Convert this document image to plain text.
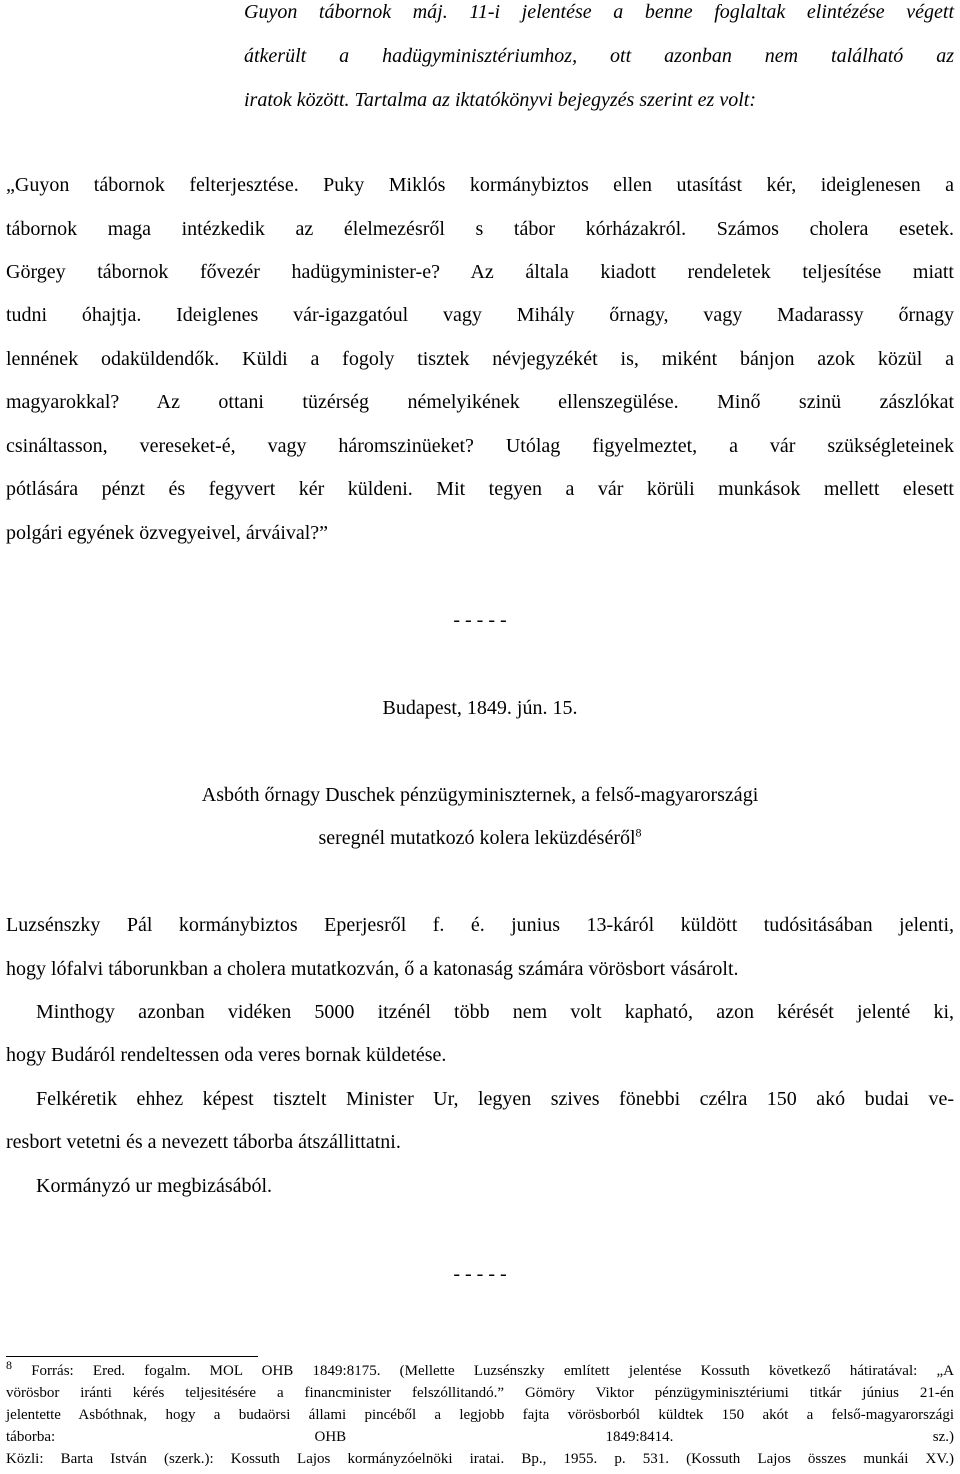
Guyon tábornok máj. 11-i jelentése a benne foglaltak elintézése végett
átkerült a hadügyminisztériumhoz, ott azonban nem található az
iratok között. Tartalma az iktatókönyvi bejegyzés szerint ez volt:
„Guyon tábornok felterjesztése. Puky Miklós kormánybiztos ellen utasítást kér, ideiglenesen a
tábornok maga intézkedik az élelmezésről s tábor kórházakról. Számos cholera esetek.
Görgey tábornok fővezér hadügyminister-e? Az általa kiadott rendeletek teljesítése miatt
tudni óhajtja. Ideiglenes vár-igazgatóul vagy Mihály őrnagy, vagy Madarassy őrnagy
lennének odaküldendők. Küldi a fogoly tisztek névjegyzékét is, miként bánjon azok közül a
magyarokkal? Az ottani tüzérség némelyikének ellenszegülése. Minő szinü zászlókat
csináltasson, vereseket-é, vagy háromszinüeket? Utólag figyelmeztet, a vár szükségleteinek
pótlására pénzt és fegyvert kér küldeni. Mit tegyen a vár körüli munkások mellett elesett
polgári egyének özvegyeivel, árváival?”
- - - - -
Budapest, 1849. jún. 15.
Asbóth őrnagy Duschek pénzügyminiszternek, a felső-magyarországi
seregnél mutatkozó kolera leküzdéséről$^8$
Luzsénszky Pál kormánybiztos Eperjesről f. é. junius 13-káról küldött tudósitásában jelenti,
hogy lófalvi táborunkban a cholera mutatkozván, ő a katonaság számára vörösbort vásárolt.
Minthogy azonban vidéken 5000 itzénél több nem volt kapható, azon kérését jelenté ki,
hogy Budáról rendeltessen oda veres bornak küldetése.
Felkéretik ehhez képest tisztelt Minister Ur, legyen szives fönebbi czélra 150 akó budai ve-
resbort vetetni és a nevezett táborba átszállittatni.
Kormányzó ur megbizásából.
- - - - -
$^8$ Forrás: Ered. fogalm. MOL OHB 1849:8175. (Mellette Luzsénszky említett jelentése Kossuth következő hátiratával: „A
vörösbor iránti kérés teljesitésére a financminister felszóllitandó.” Gömöry Viktor pénzügyminisztériumi titkár június 21-én
jelentette Asbóthnak, hogy a budaörsi állami pincéből a legjobb fajta vörösborból küldtek 150 akót a felső-magyarországi
táborba: OHB 1849:8414. sz.)
Közli: Barta István (szerk.): Kossuth Lajos kormányzóelnöki iratai. Bp., 1955. p. 531. (Kossuth Lajos összes munkái XV.)
